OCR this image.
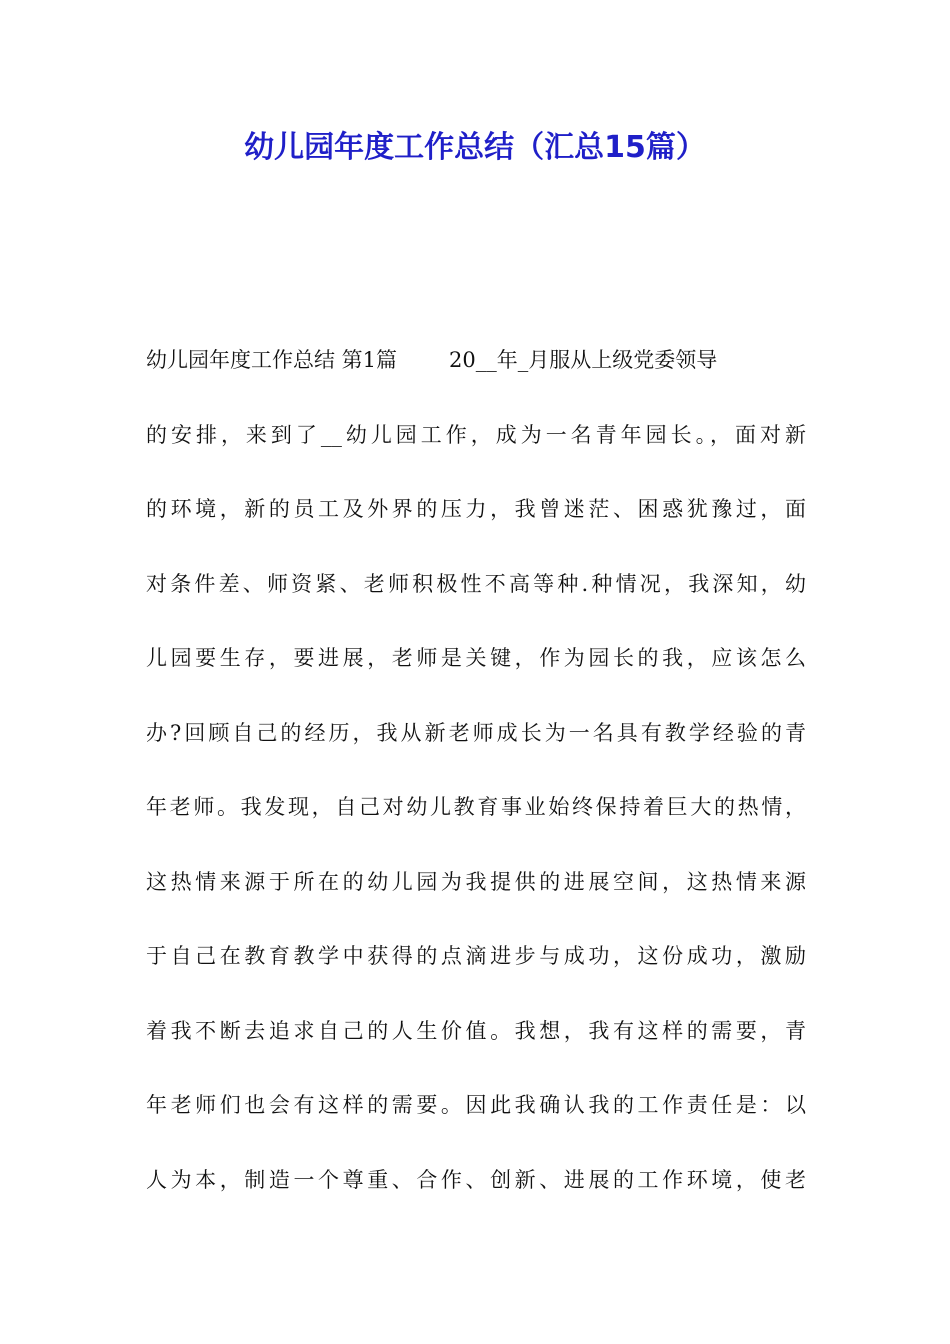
幼儿园年度工作总结（汇总15篇）
幼儿园年度工作总结 第1篇 20__年_月服从上级党委领导
的安排，来到了__幼儿园工作，成为一名青年园长。，面对新
的环境，新的员工及外界的压力，我曾迷茫、困惑犹豫过，面
对条件差、师资紧、老师积极性不高等种.种情况，我深知，幼
儿园要生存，要进展，老师是关键，作为园长的我，应该怎么
办?回顾自己的经历，我从新老师成长为一名具有教学经验的青
年老师。我发现，自己对幼儿教育事业始终保持着巨大的热情，
这热情来源于所在的幼儿园为我提供的进展空间，这热情来源
于自己在教育教学中获得的点滴进步与成功，这份成功，激励
着我不断去追求自己的人生价值。我想，我有这样的需要，青
年老师们也会有这样的需要。因此我确认我的工作责任是：以
人为本，制造一个尊重、合作、创新、进展的工作环境，使老
